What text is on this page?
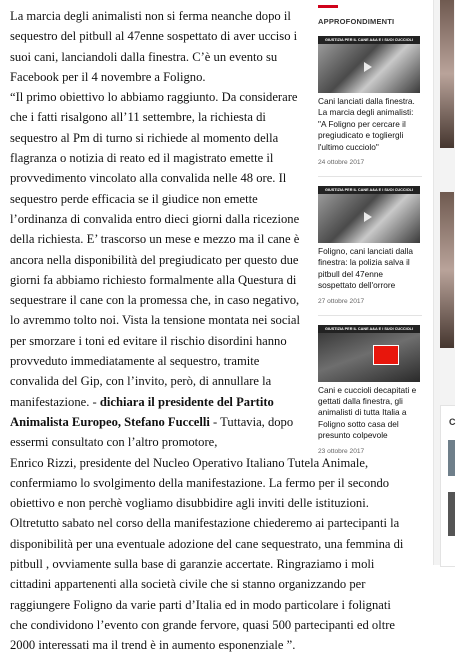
La marcia degli animalisti non si ferma neanche dopo il sequestro del pitbull al 47enne sospettato di aver ucciso i suoi cani, lanciandoli dalla finestra. C’è un evento su Facebook per il 4 novembre a Foligno.

“Il primo obiettivo lo abbiamo raggiunto. Da considerare che i fatti risalgono all’11 settembre, la richiesta di sequestro al Pm di turno si richiede al momento della flagranza o notizia di reato ed il magistrato emette il provvedimento vincolato alla convalida nelle 48 ore. Il sequestro perde efficacia se il giudice non emette l’ordinanza di convalida entro dieci giorni dalla ricezione della richiesta. E’ trascorso un mese e mezzo ma il cane è ancora nella disponibilità del pregiudicato per questo due giorni fa abbiamo richiesto formalmente alla Questura di sequestrare il cane con la promessa che, in caso negativo, lo avremmo tolto noi. Vista la tensione montata nei social per smorzare i toni ed evitare il rischio disordini hanno provveduto immediatamente al sequestro, tramite convalida del Gip, con l’invito, però, di annullare la manifestazione. - dichiara il presidente del Partito Animalista Europeo, Stefano Fuccelli - Tuttavia, dopo essermi consultato con l’altro promotore,

Enrico Rizzi, presidente del Nucleo Operativo Italiano Tutela Animale, confermiamo lo svolgimento della manifestazione. La fermo per il secondo obiettivo e non perchè vogliamo disubbidire agli inviti delle istituzioni. Oltretutto sabato nel corso della manifestazione chiederemo ai partecipanti la disponibilità per una eventuale adozione del cane sequestrato, una femmina di pitbull , ovviamente sulla base di garanzie accertate. Ringraziamo i moli cittadini appartenenti alla società civile che si stanno organizzando per raggiungere Foligno da varie parti d’Italia ed in modo particolare i folignati che condividono l’evento con grande fervore, quasi 500 partecipanti ed oltre 2000 interessati ma il trend è in aumento esponenziale ”.

APPROFONDIMENTI
GIUSTIZIA PER IL CANE A&A E I SUOI CUCCIOLI
Cani lanciati dalla finestra. La marcia degli animalisti: "A Foligno per cercare il pregiudicato e togliergli l'ultimo cucciolo"
24 ottobre 2017
GIUSTIZIA PER IL CANE A&A E I SUOI CUCCIOLI
Foligno, cani lanciati dalla finestra: la polizia salva il pitbull del 47enne sospettato dell'orrore
27 ottobre 2017
GIUSTIZIA PER IL CANE A&A E I SUOI CUCCIOLI
Cani e cuccioli decapitati e gettati dalla finestra, gli animalisti di tutta Italia a Foligno sotto casa del presunto colpevole
23 ottobre 2017
C
